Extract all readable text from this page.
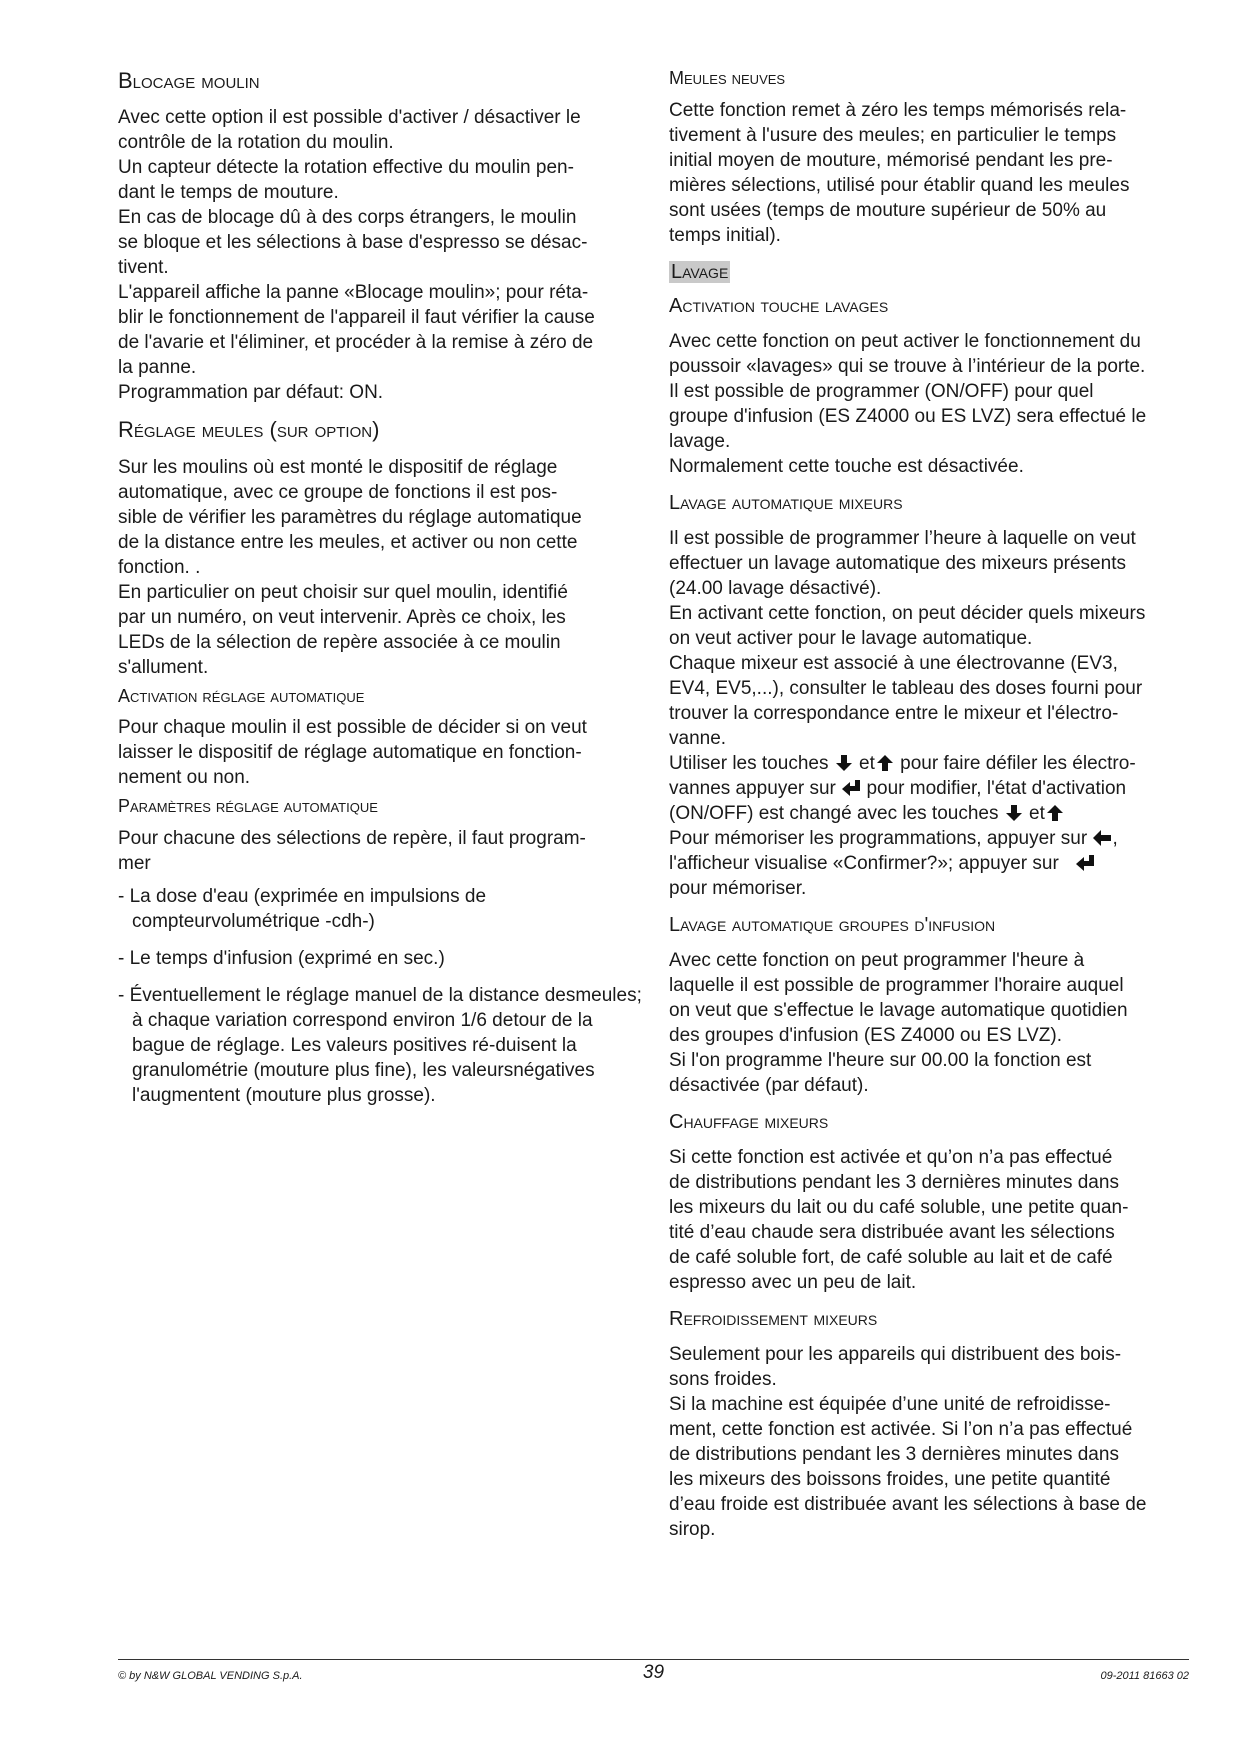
Blocage moulin

Avec cette option il est possible d'activer / désactiver le
contrôle de la rotation du moulin.
Un capteur détecte la rotation effective du moulin pen-
dant le temps de mouture.
En cas de blocage dû à des corps étrangers, le moulin
se bloque et les sélections à base d'espresso se désac-
tivent.
L'appareil affiche la panne «Blocage moulin»; pour réta-
blir le fonctionnement de l'appareil il faut vérifier la cause
de l'avarie et l'éliminer, et procéder à la remise à zéro de
la panne.
Programmation par défaut: ON.

Réglage meules (sur option)

Sur les moulins où est monté le dispositif de réglage
automatique, avec ce groupe de fonctions il est pos-
sible de vérifier les paramètres du réglage automatique
de la distance entre les meules, et activer ou non cette
fonction. .
En particulier on peut choisir sur quel moulin, identifié
par un numéro, on veut intervenir. Après ce choix, les
LEDs de la sélection de repère associée à ce moulin
s'allument.

Activation réglage automatique

Pour chaque moulin il est possible de décider si on veut
laisser le dispositif de réglage automatique en fonction-
nement ou non.

Paramètres réglage automatique

Pour chacune des sélections de repère, il faut program-
mer

- La dose d'eau (exprimée en impulsions de compteurvolumétrique -cdh-)
- Le temps d'infusion (exprimé en sec.)
- Éventuellement le réglage manuel de la distance desmeules; à chaque variation correspond environ 1/6 detour de la bague de réglage. Les valeurs positives ré-duisent la granulométrie (mouture plus fine), les valeursnégatives l'augmentent (mouture plus grosse).
Meules neuves

Cette fonction remet à zéro les temps mémorisés rela-
tivement à l'usure des meules; en particulier le temps
initial moyen de mouture, mémorisé pendant les pre-
mières sélections, utilisé pour établir quand les meules
sont usées (temps de mouture supérieur de 50% au
temps initial).

Lavage
Activation touche lavages

Avec cette fonction on peut activer le fonctionnement du
poussoir «lavages» qui se trouve à l’intérieur de la porte.
Il est possible de programmer (ON/OFF) pour quel
groupe d'infusion (ES Z4000 ou ES LVZ) sera effectué le
lavage.
Normalement cette touche est désactivée.

Lavage automatique mixeurs

Il est possible de programmer l’heure à laquelle on veut
effectuer un lavage automatique des mixeurs présents
(24.00 lavage désactivé).
En activant cette fonction, on peut décider quels mixeurs
on veut activer pour le lavage automatique.
Chaque mixeur est associé à une électrovanne (EV3,
EV4, EV5,...), consulter le tableau des doses fourni pour
trouver la correspondance entre le mixeur et l'électro-
vanne.
Utiliser les touches et pour faire défiler les électro-
vannes appuyer sur pour modifier, l'état d'activation
(ON/OFF) est changé avec les touches et
Pour mémoriser les programmations, appuyer sur ,
l'afficheur visualise «Confirmer?»; appuyer sur
pour mémoriser.

Lavage automatique groupes d'infusion

Avec cette fonction on peut programmer l'heure à
laquelle il est possible de programmer l'horaire auquel
on veut que s'effectue le lavage automatique quotidien
des groupes d'infusion (ES Z4000 ou ES LVZ).
Si l'on programme l'heure sur 00.00 la fonction est
désactivée (par défaut).

Chauffage mixeurs

Si cette fonction est activée et qu’on n’a pas effectué
de distributions pendant les 3 dernières minutes dans
les mixeurs du lait ou du café soluble, une petite quan-
tité d’eau chaude sera distribuée avant les sélections
de café soluble fort, de café soluble au lait et de café
espresso avec un peu de lait.

Refroidissement mixeurs

Seulement pour les appareils qui distribuent des bois-
sons froides.
Si la machine est équipée d’une unité de refroidisse-
ment, cette fonction est activée. Si l’on n’a pas effectué
de distributions pendant les 3 dernières minutes dans
les mixeurs des boissons froides, une petite quantité
d’eau froide est distribuée avant les sélections à base de
sirop.

© by N&W GLOBAL VENDING S.p.A.	39	09-2011 81663 02
